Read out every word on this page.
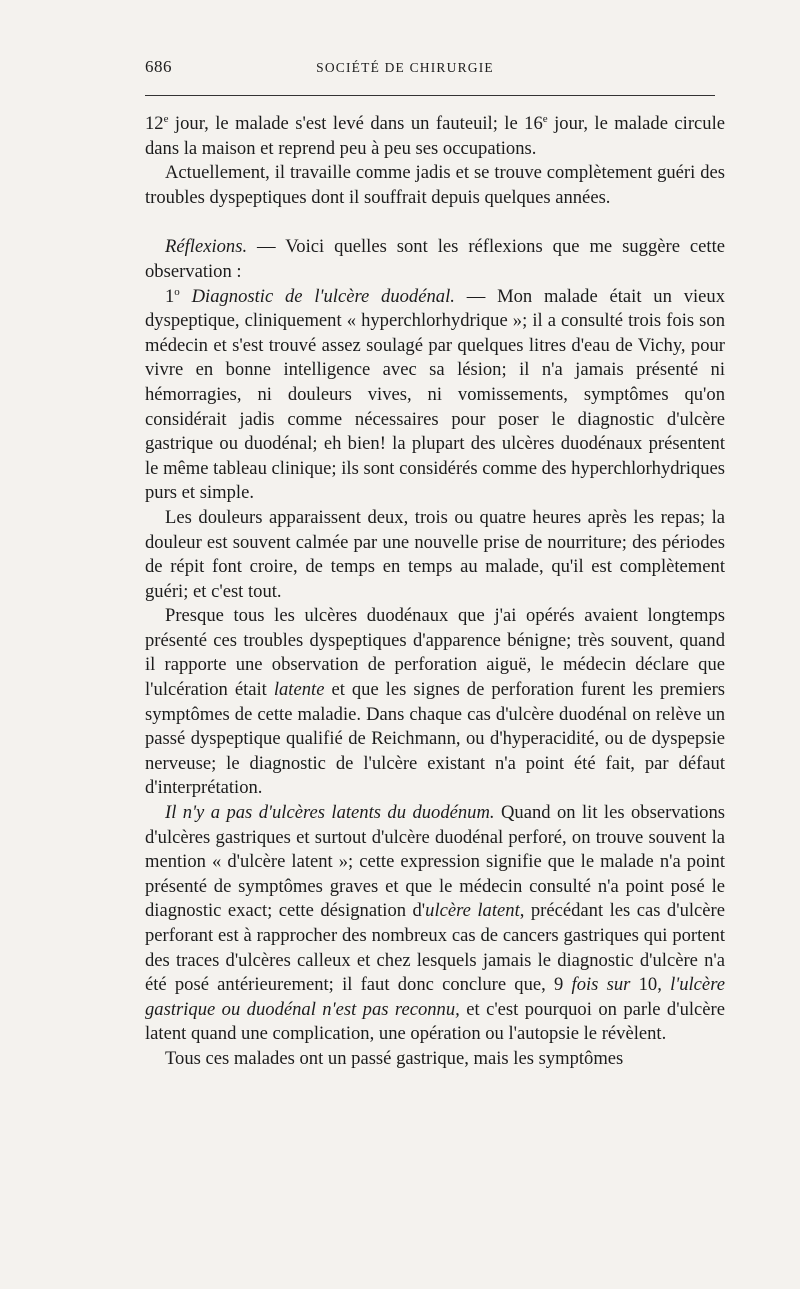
686	SOCIÉTÉ DE CHIRURGIE

12e jour, le malade s'est levé dans un fauteuil; le 16e jour, le malade circule dans la maison et reprend peu à peu ses occupations.

Actuellement, il travaille comme jadis et se trouve complètement guéri des troubles dyspeptiques dont il souffrait depuis quelques années.

Réflexions. — Voici quelles sont les réflexions que me suggère cette observation :

1$^o$ Diagnostic de l'ulcère duodénal. — Mon malade était un vieux dyspeptique, cliniquement « hyperchlorhydrique »; il a consulté trois fois son médecin et s'est trouvé assez soulagé par quelques litres d'eau de Vichy, pour vivre en bonne intelligence avec sa lésion; il n'a jamais présenté ni hémorragies, ni douleurs vives, ni vomissements, symptômes qu'on considérait jadis comme nécessaires pour poser le diagnostic d'ulcère gastrique ou duodénal; eh bien! la plupart des ulcères duodénaux présentent le même tableau clinique; ils sont considérés comme des hyperchlorhydriques purs et simple.

Les douleurs apparaissent deux, trois ou quatre heures après les repas; la douleur est souvent calmée par une nouvelle prise de nourriture; des périodes de répit font croire, de temps en temps au malade, qu'il est complètement guéri; et c'est tout.

Presque tous les ulcères duodénaux que j'ai opérés avaient longtemps présenté ces troubles dyspeptiques d'apparence bénigne; très souvent, quand il rapporte une observation de perforation aiguë, le médecin déclare que l'ulcération était latente et que les signes de perforation furent les premiers symptômes de cette maladie. Dans chaque cas d'ulcère duodénal on relève un passé dyspeptique qualifié de Reichmann, ou d'hyperacidité, ou de dyspepsie nerveuse; le diagnostic de l'ulcère existant n'a point été fait, par défaut d'interprétation.

Il n'y a pas d'ulcères latents du duodénum. Quand on lit les observations d'ulcères gastriques et surtout d'ulcère duodénal perforé, on trouve souvent la mention « d'ulcère latent »; cette expression signifie que le malade n'a point présenté de symptômes graves et que le médecin consulté n'a point posé le diagnostic exact; cette désignation d'ulcère latent, précédant les cas d'ulcère perforant est à rapprocher des nombreux cas de cancers gastriques qui portent des traces d'ulcères calleux et chez lesquels jamais le diagnostic d'ulcère n'a été posé antérieurement; il faut donc conclure que, 9 fois sur 10, l'ulcère gastrique ou duodénal n'est pas reconnu, et c'est pourquoi on parle d'ulcère latent quand une complication, une opération ou l'autopsie le révèlent.

Tous ces malades ont un passé gastrique, mais les symptômes
